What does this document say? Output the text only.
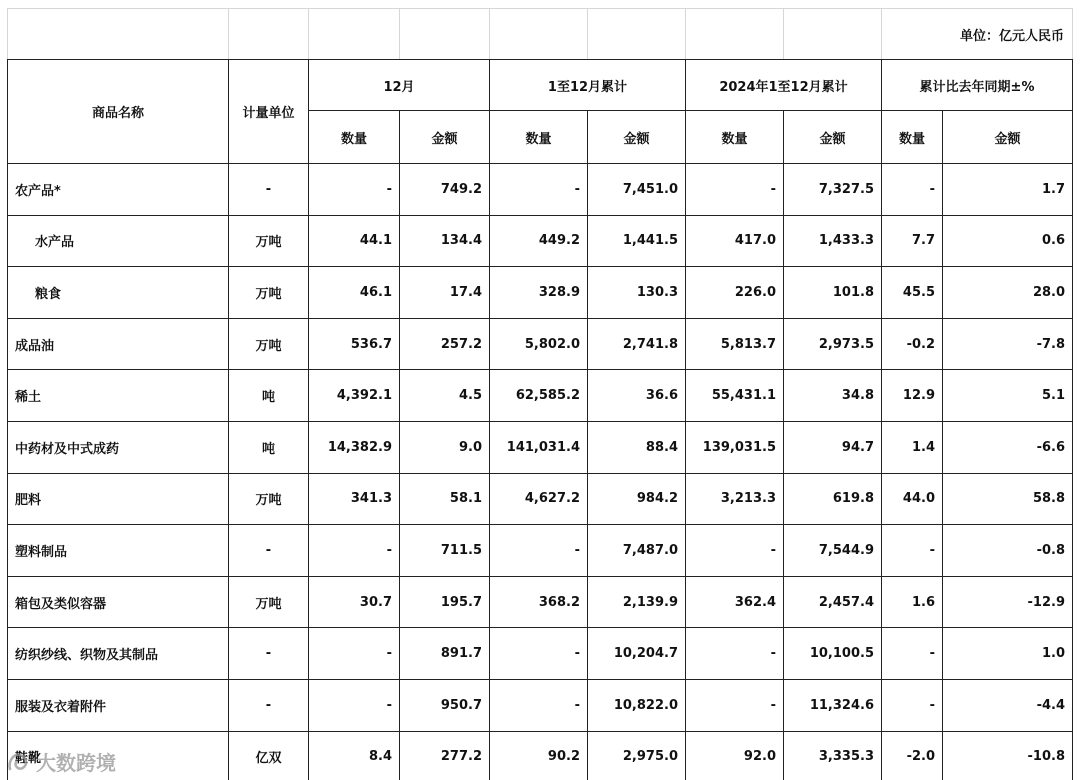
								单位：亿元人民币	
商品名称	计量单位	12月		1至12月累计		2024年1至12月累计		累计比去年同期±%	
		数量	金额	数量	金额	数量	金额	数量	金额
农产品*	-	-	749.2	-	7,451.0	-	7,327.5	-	1.7
水产品	万吨	44.1	134.4	449.2	1,441.5	417.0	1,433.3	7.7	0.6
粮食	万吨	46.1	17.4	328.9	130.3	226.0	101.8	45.5	28.0
成品油	万吨	536.7	257.2	5,802.0	2,741.8	5,813.7	2,973.5	-0.2	-7.8
稀土	吨	4,392.1	4.5	62,585.2	36.6	55,431.1	34.8	12.9	5.1
中药材及中式成药	吨	14,382.9	9.0	141,031.4	88.4	139,031.5	94.7	1.4	-6.6
肥料	万吨	341.3	58.1	4,627.2	984.2	3,213.3	619.8	44.0	58.8
塑料制品	-	-	711.5	-	7,487.0	-	7,544.9	-	-0.8
箱包及类似容器	万吨	30.7	195.7	368.2	2,139.9	362.4	2,457.4	1.6	-12.9
纺织纱线、织物及其制品	-	-	891.7	-	10,204.7	-	10,100.5	-	1.0
服装及衣着附件	-	-	950.7	-	10,822.0	-	11,324.6	-	-4.4
鞋靴	亿双	8.4	277.2	90.2	2,975.0	92.0	3,335.3	-2.0	-10.8
大数跨境
